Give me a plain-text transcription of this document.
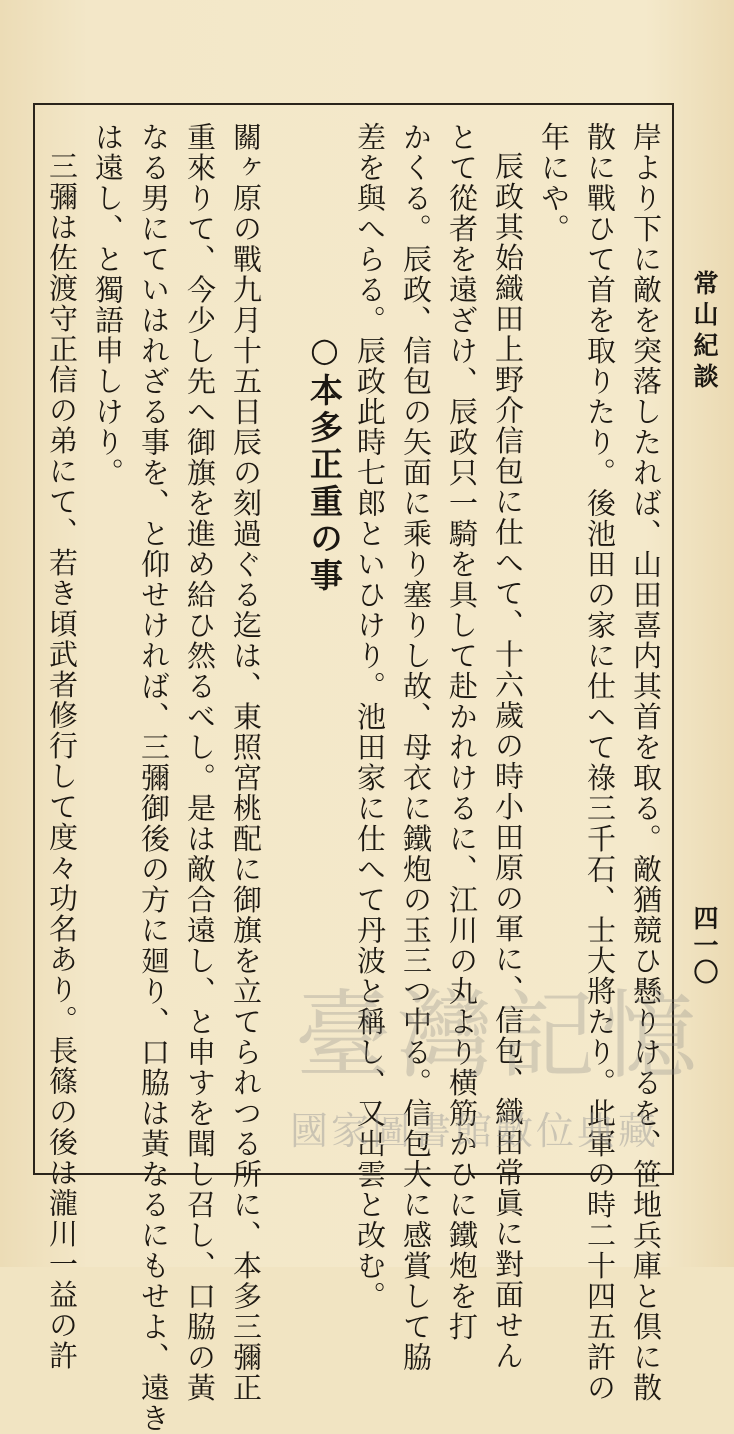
常山紀談
四一〇
岸より下に敵を突落したれば、山田喜内其首を取る。敵猶競ひ懸りけるを、笹地兵庫と倶に散
散に戰ひて首を取りたり。後池田の家に仕へて祿三千石、士大將たり。此軍の時二十四五許の
年にや。
辰政其始織田上野介信包に仕へて、十六歲の時小田原の軍に、信包、織田常眞に對面せん
とて從者を遠ざけ、辰政只一騎を具して赴かれけるに、江川の丸より横筋かひに鐵炮を打
かくる。辰政、信包の矢面に乘り塞りし故、母衣に鐵炮の玉三つ中る。信包大に感賞して脇
差を與へらる。辰政此時七郎といひけり。池田家に仕へて丹波と稱し、又出雲と改む。
○本多正重の事
關ヶ原の戰九月十五日辰の刻過ぐる迄は、東照宮桃配に御旗を立てられつる所に、本多三彌正
重來りて、今少し先へ御旗を進め給ひ然るべし。是は敵合遠し、と申すを聞し召し、口脇の黃
なる男にていはれざる事を、と仰せければ、三彌御後の方に廻り、口脇は黃なるにもせよ、遠き
は遠し、と獨語申しけり。
三彌は佐渡守正信の弟にて、若き頃武者修行して度々功名あり。長篠の後は瀧川一益の許 臺灣記憶
國家圖書館數位典藏
